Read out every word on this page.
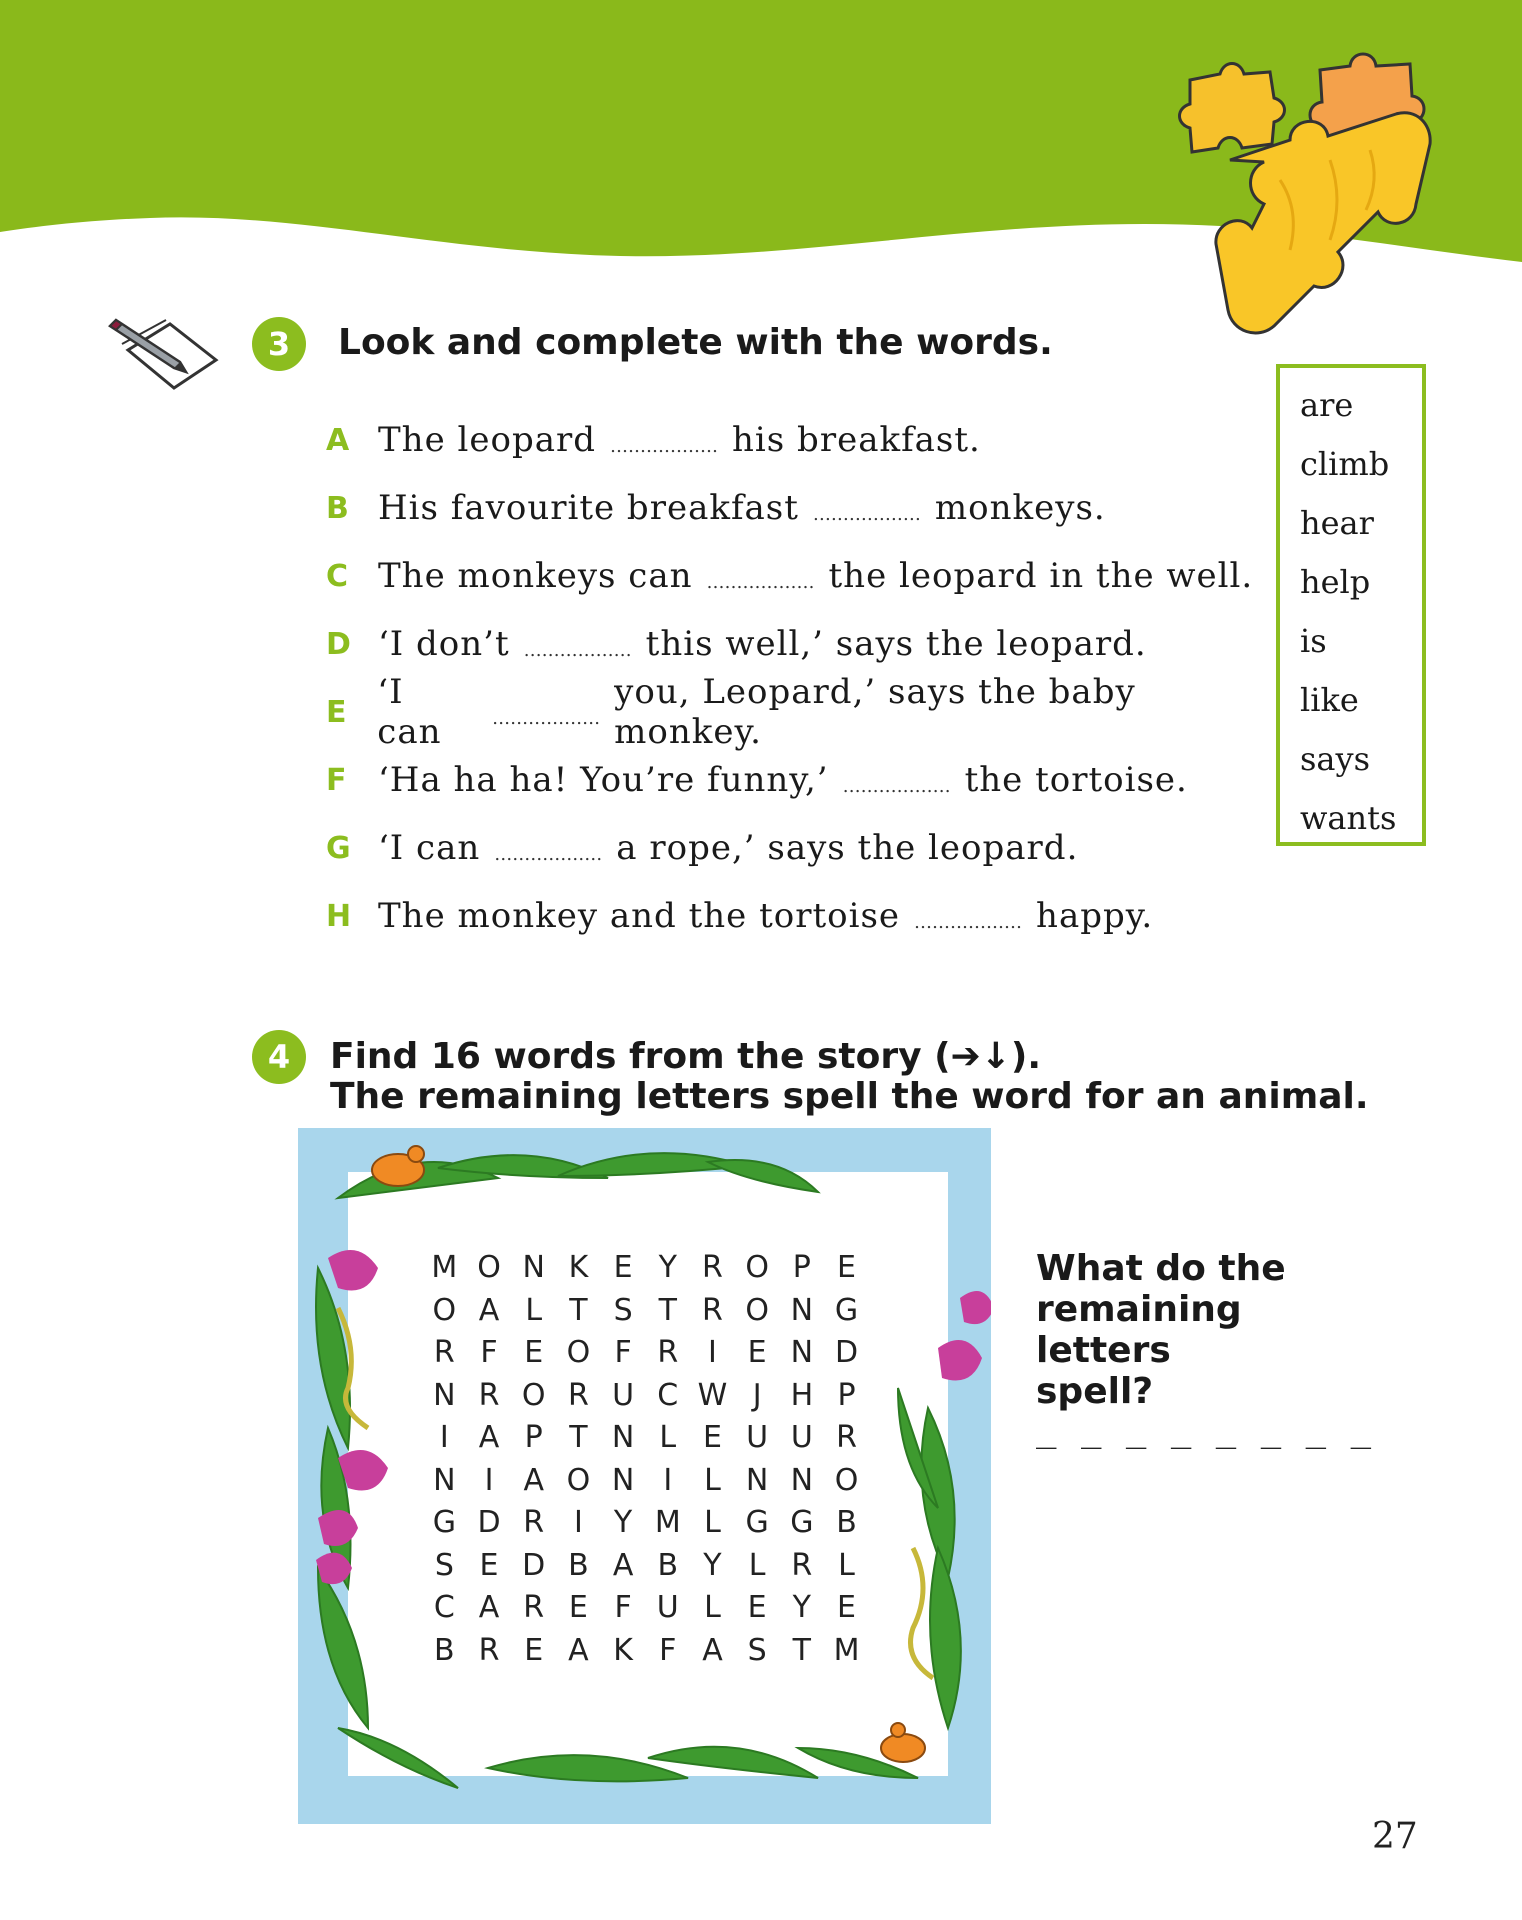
3	Look and complete with the words.
A The leopard ……………… his breakfast.
B His favourite breakfast ……………… monkeys.
C The monkeys can ……………… the leopard in the well.
D ‘I don’t ……………… this well,’ says the leopard.
E ‘I can	………………
you, Leopard,’ says the baby monkey.
F ‘Ha ha ha! You’re funny,’ ……………… the tortoise.
G ‘I can ……………… a rope,’ says the leopard.
H The monkey and the tortoise ……………… happy.
are
climb
hear
help
is
like
says
wants
4	Find 16 words from the story (➔↓).
The remaining letters spell the word for an animal.
M O N K E Y R O P E
O A L T S T R O N G
R F E O F R I	E N D
N R O R U C W J H P
I	A P T N L E U U R
N I	A O N I	L N N O
G D R I	Y M L G G B
S E D B A B Y L R L
C A R E F U L E Y E
B R E A K F A S T M
What do the remaining letters spell?
_ _ _ _ _ _ _ _
27
